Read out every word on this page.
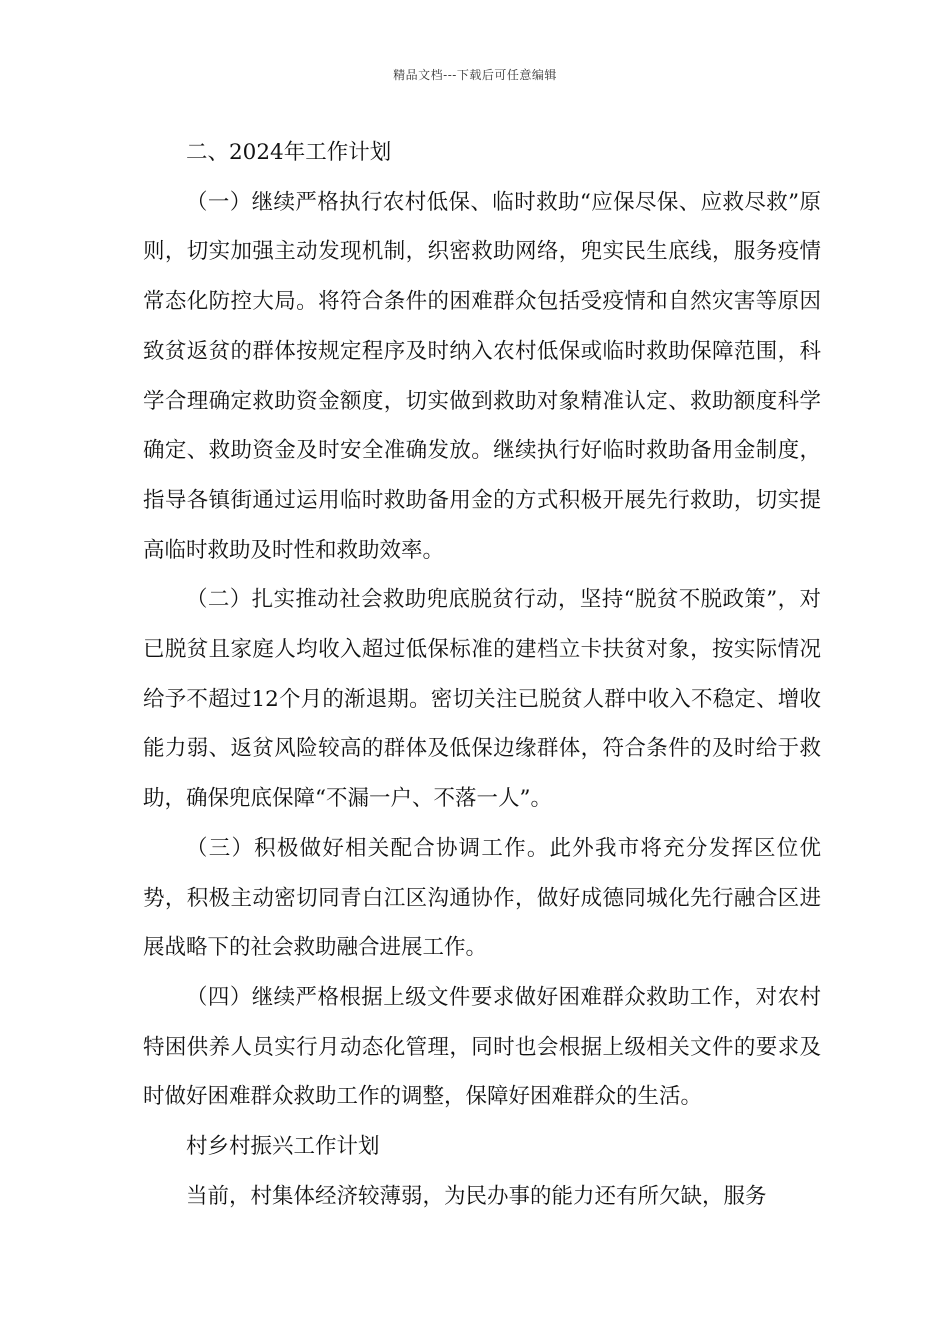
精品文档---下载后可任意编辑

二、2024年工作计划

（一）继续严格执行农村低保、临时救助“应保尽保、应救尽救”原则，切实加强主动发现机制，织密救助网络，兜实民生底线，服务疫情常态化防控大局。将符合条件的困难群众包括受疫情和自然灾害等原因致贫返贫的群体按规定程序及时纳入农村低保或临时救助保障范围，科学合理确定救助资金额度，切实做到救助对象精准认定、救助额度科学确定、救助资金及时安全准确发放。继续执行好临时救助备用金制度，指导各镇街通过运用临时救助备用金的方式积极开展先行救助，切实提高临时救助及时性和救助效率。

（二）扎实推动社会救助兜底脱贫行动，坚持“脱贫不脱政策”，对已脱贫且家庭人均收入超过低保标准的建档立卡扶贫对象，按实际情况给予不超过12个月的渐退期。密切关注已脱贫人群中收入不稳定、增收能力弱、返贫风险较高的群体及低保边缘群体，符合条件的及时给于救助，确保兜底保障“不漏一户、不落一人”。

（三）积极做好相关配合协调工作。此外我市将充分发挥区位优势，积极主动密切同青白江区沟通协作，做好成德同城化先行融合区进展战略下的社会救助融合进展工作。

（四）继续严格根据上级文件要求做好困难群众救助工作，对农村特困供养人员实行月动态化管理，同时也会根据上级相关文件的要求及时做好困难群众救助工作的调整，保障好困难群众的生活。

村乡村振兴工作计划

当前，村集体经济较薄弱，为民办事的能力还有所欠缺，服务
